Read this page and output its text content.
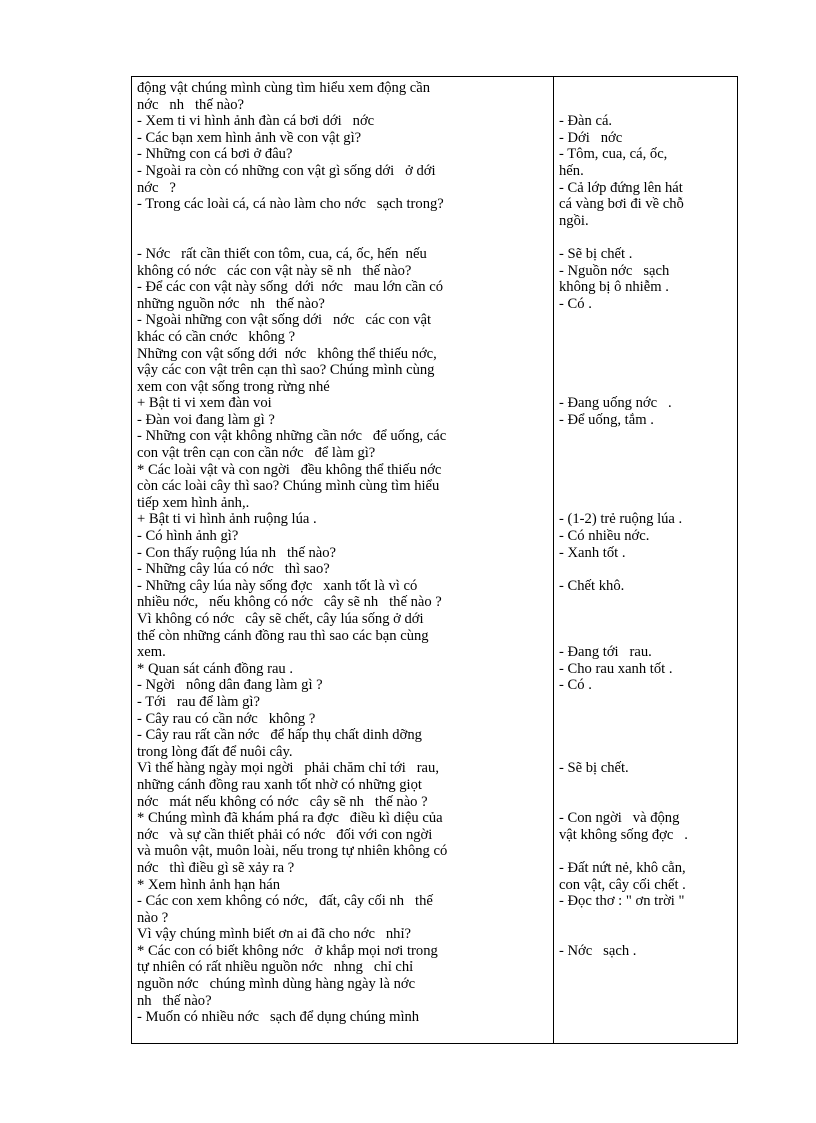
động vật chúng mình cùng tìm hiểu xem động cần
nớc   nh   thế nào?
- Xem ti vi hình ảnh đàn cá bơi dới   nớc
- Các bạn xem hình ảnh về con vật gì?
- Những con cá bơi ở đâu?
- Ngoài ra còn có những con vật gì sống dới   ở dới
nớc   ?
- Trong các loài cá, cá nào làm cho nớc   sạch trong?
- Nớc   rất cần thiết con tôm, cua, cá, ốc, hến  nếu
không có nớc   các con vật này sẽ nh   thế nào?
- Để các con vật này sống  dới  nớc   mau lớn cần có
những nguồn nớc   nh   thế nào?
- Ngoài những con vật sống dới   nớc   các con vật
khác có cần cnớc   không ?
Những con vật sống dới  nớc   không thể thiếu nớc,
vậy các con vật trên cạn thì sao? Chúng mình cùng
xem con vật sống trong rừng nhé
+ Bật ti vi xem đàn voi
- Đàn voi đang làm gì ?
- Những con vật không những cần nớc   để uống, các
con vật trên cạn con cần nớc   để làm gì?
* Các loài vật và con ngời   đều không thể thiếu nớc
còn các loài cây thì sao? Chúng mình cùng tìm hiểu
tiếp xem hình ảnh,.
+ Bật ti vi hình ảnh ruộng lúa .
- Có hình ảnh gì?
- Con thấy ruộng lúa nh   thế nào?
- Những cây lúa có nớc   thì sao?
- Những cây lúa này sống đợc   xanh tốt là vì có
nhiều nớc,   nếu không có nớc   cây sẽ nh   thế nào ?
Vì không có nớc   cây sẽ chết, cây lúa sống ở dới
thế còn những cánh đồng rau thì sao các bạn cùng
xem.
* Quan sát cánh đồng rau .
- Ngời   nông dân đang làm gì ?
- Tới   rau để làm gì?
- Cây rau có cần nớc   không ?
- Cây rau rất cần nớc   để hấp thụ chất dinh dỡng
trong lòng đất để nuôi cây.
Vì thế hàng ngày mọi ngời   phải chăm chỉ tới   rau,
những cánh đồng rau xanh tốt nhờ có những giọt
nớc   mát nếu không có nớc   cây sẽ nh   thế nào ?
* Chúng mình đã khám phá ra đợc   điều kì diệu của
nớc   và sự cần thiết phải có nớc   đối với con ngời
và muôn vật, muôn loài, nếu trong tự nhiên không có
nớc   thì điều gì sẽ xảy ra ?
* Xem hình ảnh hạn hán
- Các con xem không có nớc,   đất, cây cối nh   thế
nào ?
Vì vậy chúng mình biết ơn ai đã cho nớc   nhỉ?
* Các con có biết không nớc   ở khắp mọi nơi trong
tự nhiên có rất nhiều nguồn nớc   nhng   chỉ chỉ
nguồn nớc   chúng mình dùng hàng ngày là nớc
nh   thế nào?
- Muốn có nhiều nớc   sạch để dụng chúng mình
- Đàn cá.
- Dới   nớc
- Tôm, cua, cá, ốc,
hến.
- Cả lớp đứng lên hát
cá vàng bơi đi về chỗ
ngồi.
- Sẽ bị chết .
- Nguồn nớc   sạch
không bị ô nhiễm .
- Có .
- Đang uống nớc   .
- Để uống, tắm .
- (1-2) trẻ ruộng lúa .
- Có nhiều nớc.
- Xanh tốt .
- Chết khô.
- Đang tới   rau.
- Cho rau xanh tốt .
- Có .
- Sẽ bị chết.
- Con ngời   và động
vật không sống đợc   .
- Đất nứt nẻ, khô cằn,
con vật, cây cối chết .
- Đọc thơ : " ơn trời "
- Nớc   sạch .
